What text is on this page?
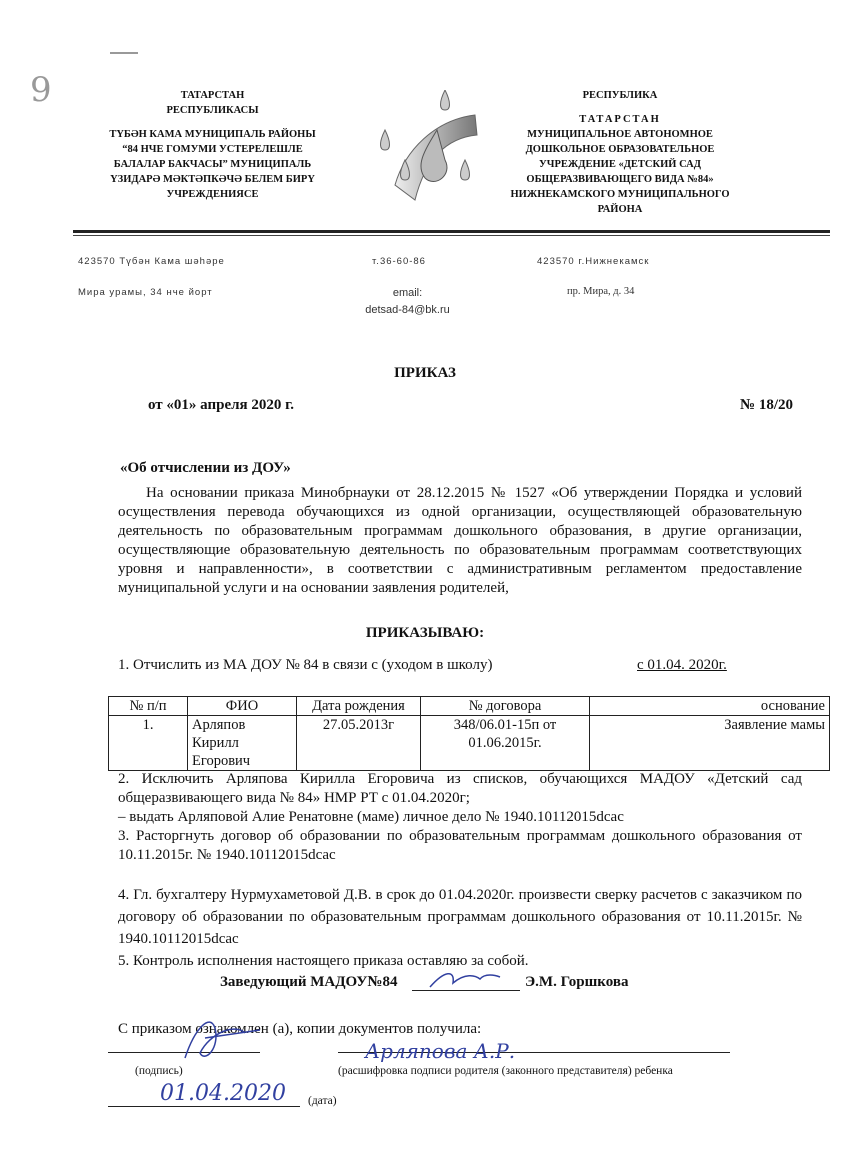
9	ТАТАРСТАН
РЕСПУБЛИКАСЫ
ТҮБӘН КАМА МУНИЦИПАЛЬ РАЙОНЫ
“84 НЧЕ ГОМУМИ УСТЕРЕЛЕШЛЕ
БАЛАЛАР БАКЧАСЫ” МУНИЦИПАЛЬ
ҮЗИДАРӘ МӘКТӘПКӘЧӘ БЕЛЕМ БИРҮ
УЧРЕЖДЕНИЯСЕ
РЕСПУБЛИКА
ТАТАРСТАН
МУНИЦИПАЛЬНОЕ АВТОНОМНОЕ
ДОШКОЛЬНОЕ ОБРАЗОВАТЕЛЬНОЕ
УЧРЕЖДЕНИЕ «ДЕТСКИЙ САД
ОБЩЕРАЗВИВАЮЩЕГО ВИДА №84»
НИЖНЕКАМСКОГО МУНИЦИПАЛЬНОГО
РАЙОНА
423570 Түбән Кама шәһәре
Мира урамы, 34 нче йорт
т.36-60-86
email:
detsad-84@bk.ru
423570 г.Нижнекамск
пр. Мира, д. 34
ПРИКАЗ
от «01» апреля 2020 г.	№ 18/20
«Об отчислении из ДОУ»
На основании приказа Минобрнауки от 28.12.2015 № 1527 «Об утверждении Порядка и условий осуществления перевода обучающихся из одной организации, осуществляющей образовательную деятельность по образовательным программам дошкольного образования, в другие организации, осуществляющие образовательную деятельность по образовательным программам соответствующих уровня и направленности», в соответствии с административным регламентом предоставление муниципальной услуги и на основании заявления родителей,
ПРИКАЗЫВАЮ:
1. Отчислить из МА ДОУ № 84 в связи с (уходом в школу)	с 01.04. 2020г.
№ п/п	ФИО	Дата рождения	№ договора	основание
1.	Арляпов Кирилл Егорович	27.05.2013г	348/06.01-15п от 01.06.2015г.	Заявление мамы
2. Исключить Арляпова Кирилла Егоровича из списков, обучающихся МАДОУ «Детский сад общеразвивающего вида № 84» НМР РТ с 01.04.2020г;
– выдать Арляповой Алие Ренатовне (маме) личное дело № 1940.10112015dcac
3. Расторгнуть договор об образовании по образовательным программам дошкольного образования от 10.11.2015г. № 1940.10112015dcac
4. Гл. бухгалтеру Нурмухаметовой Д.В. в срок до 01.04.2020г. произвести сверку расчетов с заказчиком по договору об образовании по образовательным программам дошкольного образования от 10.11.2015г. № 1940.10112015dcac
5. Контроль исполнения настоящего приказа оставляю за собой.
Заведующий МАДОУ№84	Э.М. Горшкова
С приказом ознакомлен (а), копии документов получила:
(подпись)
Арляпова А.Р.
(расшифровка подписи родителя (законного представителя) ребенка
01.04.2020 (дата)
